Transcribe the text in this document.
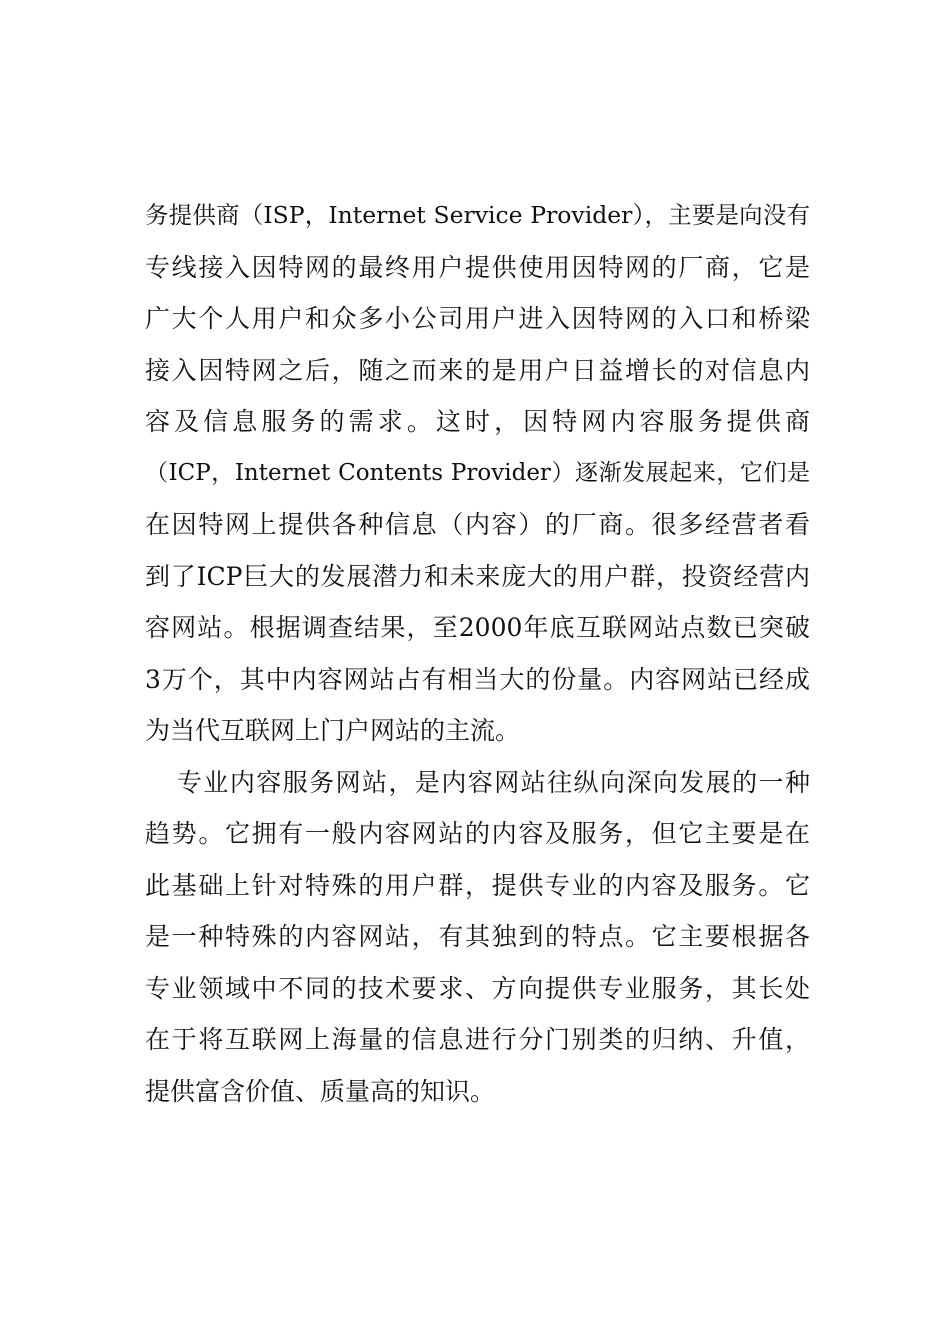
务提供商（ISP，Internet Service Provider），主要是向没有
专线接入因特网的最终用户提供使用因特网的厂商，它是
广大个人用户和众多小公司用户进入因特网的入口和桥梁
接入因特网之后，随之而来的是用户日益增长的对信息内
容及信息服务的需求。这时，因特网内容服务提供商
（ICP，Internet Contents Provider）逐渐发展起来，它们是
在因特网上提供各种信息（内容）的厂商。很多经营者看
到了ICP巨大的发展潜力和未来庞大的用户群，投资经营内
容网站。根据调查结果，至2000年底互联网站点数已突破
3万个，其中内容网站占有相当大的份量。内容网站已经成
为当代互联网上门户网站的主流。
专业内容服务网站，是内容网站往纵向深向发展的一种
趋势。它拥有一般内容网站的内容及服务，但它主要是在
此基础上针对特殊的用户群，提供专业的内容及服务。它
是一种特殊的内容网站，有其独到的特点。它主要根据各
专业领域中不同的技术要求、方向提供专业服务，其长处
在于将互联网上海量的信息进行分门别类的归纳、升值，
提供富含价值、质量高的知识。
